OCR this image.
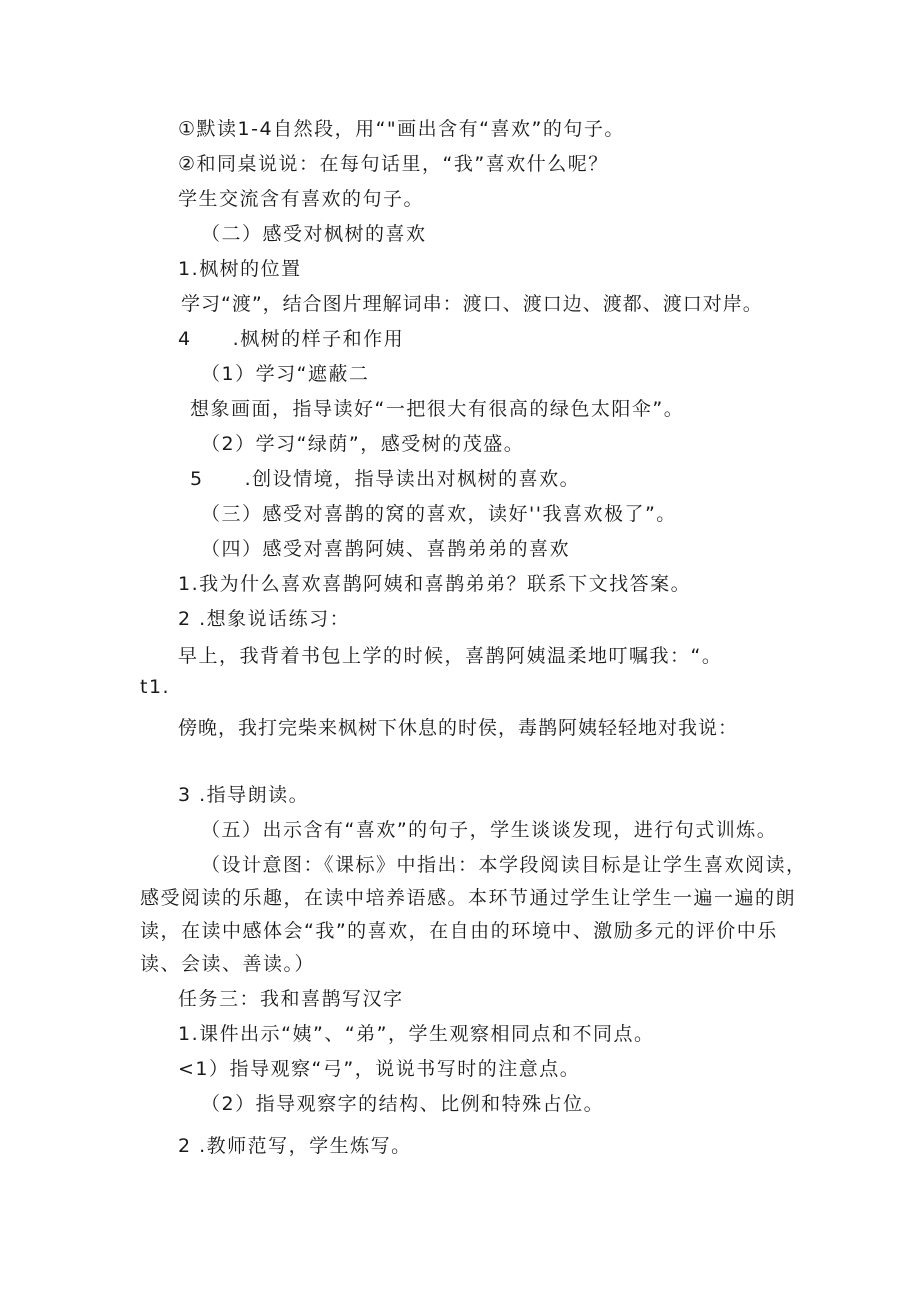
①默读1-4自然段，用“"画出含有“喜欢”的句子。
②和同桌说说：在每句话里，“我”喜欢什么呢？
学生交流含有喜欢的句子。
（二）感受对枫树的喜欢
1.枫树的位置
学习“渡”，结合图片理解词串：渡口、渡口边、渡都、渡口对岸。
4　　.枫树的样子和作用
（1）学习“遮蔽二
想象画面，指导读好“一把很大有很高的绿色太阳伞”。
（2）学习“绿荫”，感受树的茂盛。
5　　.创设情境，指导读出对枫树的喜欢。
（三）感受对喜鹊的窝的喜欢，读好''我喜欢极了”。
（四）感受对喜鹊阿姨、喜鹊弟弟的喜欢
1.我为什么喜欢喜鹊阿姨和喜鹊弟弟？联系下文找答案。
2 .想象说话练习：
早上，我背着书包上学的时候，喜鹊阿姨温柔地叮嘱我：“。
t1.
傍晚，我打完柴来枫树下休息的时侯，毒鹊阿姨轻轻地对我说：
3 .指导朗读。
（五）出示含有“喜欢”的句子，学生谈谈发现，进行句式训炼。
（设计意图：《课标》中指出：本学段阅读目标是让学生喜欢阅读，
感受阅读的乐趣，在读中培养语感。本环节通过学生让学生一遍一遍的朗
读，在读中感体会“我”的喜欢，在自由的环境中、激励多元的评价中乐
读、会读、善读。）
任务三：我和喜鹊写汉字
1.课件出示“姨”、“弟”，学生观察相同点和不同点。
<1）指导观察“弓”，说说书写时的注意点。
（2）指导观察字的结构、比例和特殊占位。
2 .教师范写，学生炼写。
